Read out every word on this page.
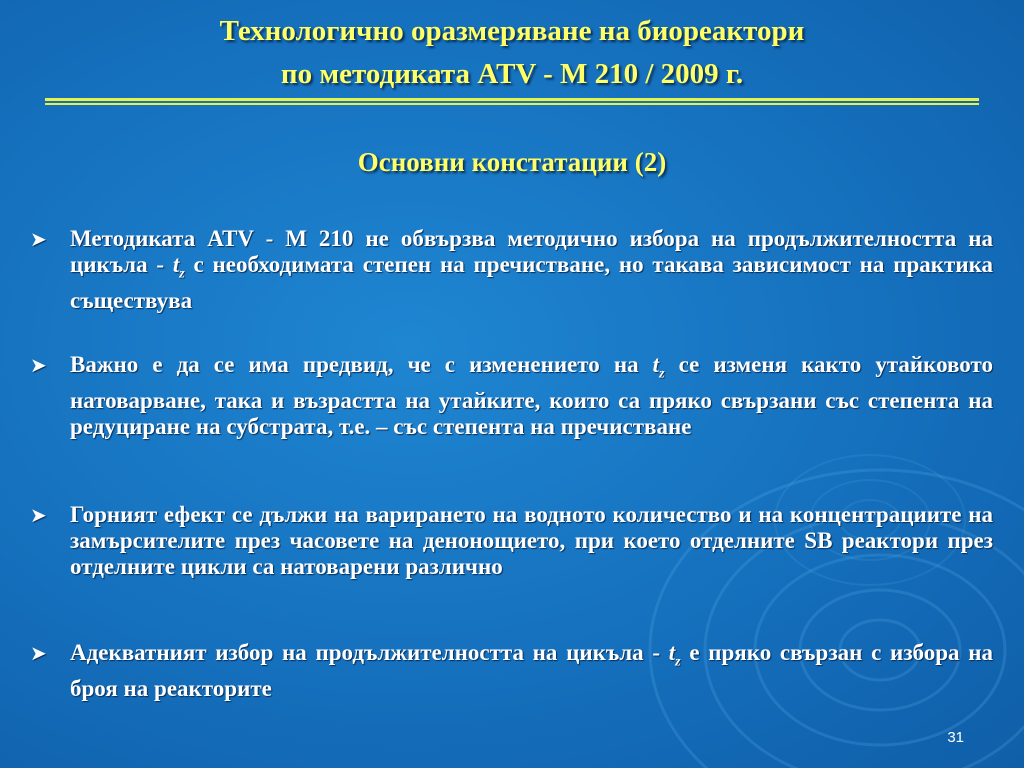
Технологично оразмеряване на биореактори
по методиката ATV - M 210 / 2009 г.
Основни констатации (2)
➤ Методиката ATV - M 210 не обвързва методично избора на продължителността на цикъла - $t_z$ с необходимата степен на пречистване, но такава зависимост на практика съществува
➤ Важно е да се има предвид, че с изменението на $t_z$ се изменя както утайковото натоварване, така и възрастта на утайките, които са пряко свързани със степента на редуциране на субстрата, т.е. – със степента на пречистване
➤ Горният ефект се дължи на варирането на водното количество и на концентрациите на замърсителите през часовете на денонощието, при което отделните SB реактори през отделните цикли са натоварени различно
➤ Адекватният избор на продължителността на цикъла - $t_z$ е пряко свързан с избора на броя на реакторите
31
